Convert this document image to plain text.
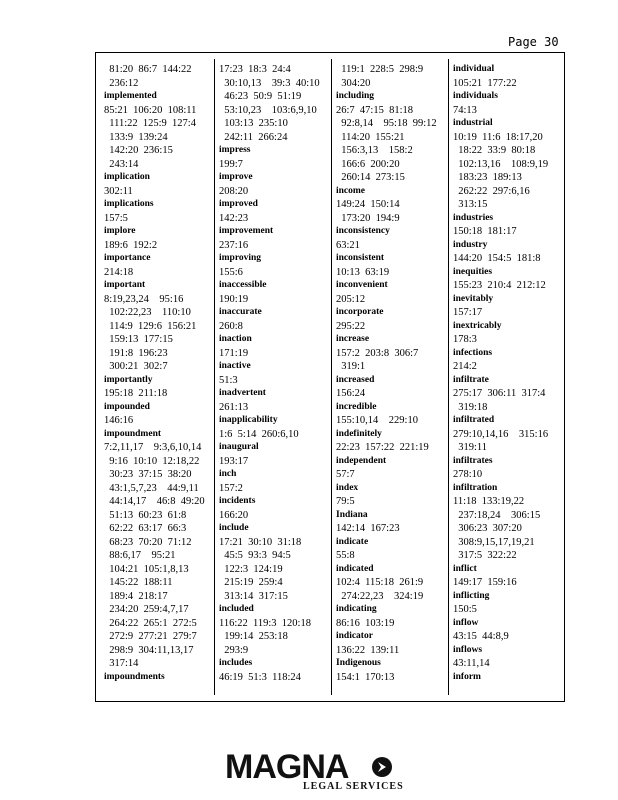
Page 30
81:20  86:7  144:22
236:12
implemented
85:21  106:20  108:11
111:22  125:9  127:4
133:9  139:24
142:20  236:15
243:14
implication
302:11
implications
157:5
implore
189:6  192:2
importance
214:18
important
8:19,23,24    95:16
102:22,23    110:10
114:9  129:6  156:21
159:13  177:15
191:8  196:23
300:21  302:7
importantly
195:18  211:18
impounded
146:16
impoundment
7:2,11,17    9:3,6,10,14
9:16  10:10  12:18,22
30:23  37:15  38:20
43:1,5,7,23    44:9,11
44:14,17    46:8  49:20
51:13  60:23  61:8
62:22  63:17  66:3
68:23  70:20  71:12
88:6,17    95:21
104:21  105:1,8,13
145:22  188:11
189:4  218:17
234:20  259:4,7,17
264:22  265:1  272:5
272:9  277:21  279:7
298:9  304:11,13,17
317:14
impoundments
17:23  18:3  24:4
30:10,13    39:3  40:10
46:23  50:9  51:19
53:10,23    103:6,9,10
103:13  235:10
242:11  266:24
impress
199:7
improve
208:20
improved
142:23
improvement
237:16
improving
155:6
inaccessible
190:19
inaccurate
260:8
inaction
171:19
inactive
51:3
inadvertent
261:13
inapplicability
1:6  5:14  260:6,10
inaugural
193:17
inch
157:2
incidents
166:20
include
17:21  30:10  31:18
45:5  93:3  94:5
122:3  124:19
215:19  259:4
313:14  317:15
included
116:22  119:3  120:18
199:14  253:18
293:9
includes
46:19  51:3  118:24
119:1  228:5  298:9
304:20
including
26:7  47:15  81:18
92:8,14    95:18  99:12
114:20  155:21
156:3,13    158:2
166:6  200:20
260:14  273:15
income
149:24  150:14
173:20  194:9
inconsistency
63:21
inconsistent
10:13  63:19
inconvenient
205:12
incorporate
295:22
increase
157:2  203:8  306:7
319:1
increased
156:24
incredible
155:10,14    229:10
indefinitely
22:23  157:22  221:19
independent
57:7
index
79:5
Indiana
142:14  167:23
indicate
55:8
indicated
102:4  115:18  261:9
274:22,23    324:19
indicating
86:16  103:19
indicator
136:22  139:11
Indigenous
154:1  170:13
individual
105:21  177:22
individuals
74:13
industrial
10:19  11:6  18:17,20
18:22  33:9  80:18
102:13,16    108:9,19
183:23  189:13
262:22  297:6,16
313:15
industries
150:18  181:17
industry
144:20  154:5  181:8
inequities
155:23  210:4  212:12
inevitably
157:17
inextricably
178:3
infections
214:2
infiltrate
275:17  306:11  317:4
319:18
infiltrated
279:10,14,16    315:16
319:11
infiltrates
278:10
infiltration
11:18  133:19,22
237:18,24    306:15
306:23  307:20
308:9,15,17,19,21
317:5  322:22
inflict
149:17  159:16
inflicting
150:5
inflow
43:15  44:8,9
inflows
43:11,14
inform
MAGNA
LEGAL SERVICES
